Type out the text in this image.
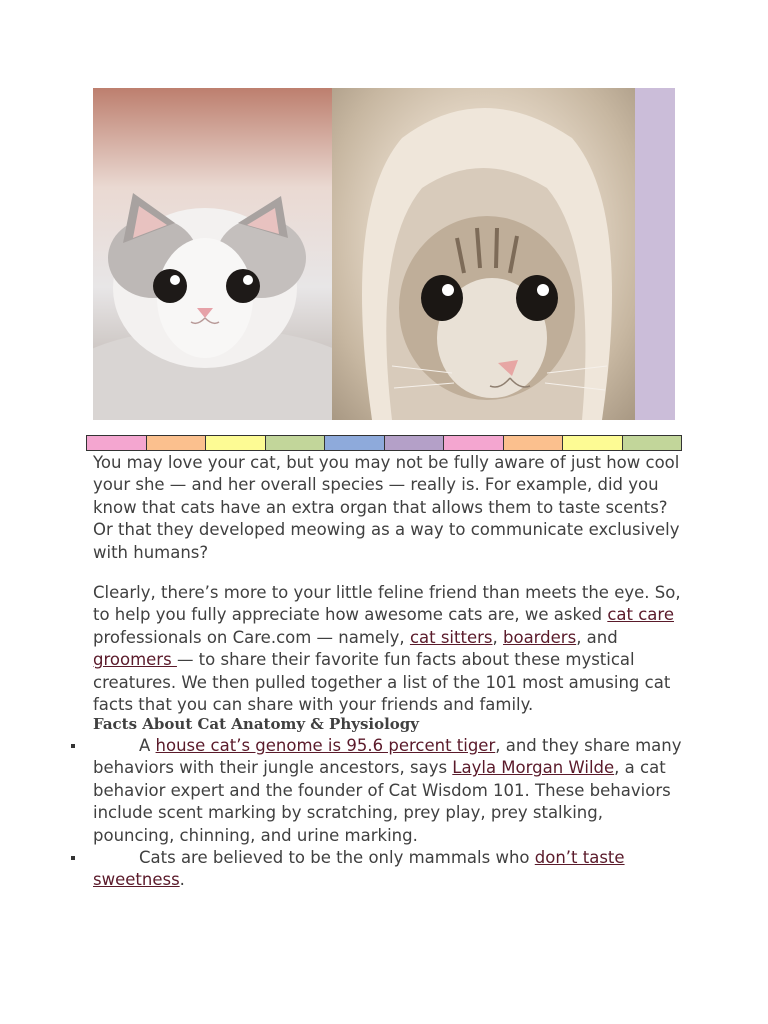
You may love your cat, but you may not be fully aware of just how cool your she — and her overall species — really is. For example, did you know that cats have an extra organ that allows them to taste scents? Or that they developed meowing as a way to communicate exclusively with humans?
Clearly, there’s more to your little feline friend than meets the eye. So, to help you fully appreciate how awesome cats are, we asked cat care professionals on Care.com — namely, cat sitters, boarders, and groomers — to share their favorite fun facts about these mystical creatures. We then pulled together a list of the 101 most amusing cat facts that you can share with your friends and family.
Facts About Cat Anatomy & Physiology
A house cat’s genome is 95.6 percent tiger, and they share many behaviors with their jungle ancestors, says Layla Morgan Wilde, a cat behavior expert and the founder of Cat Wisdom 101. These behaviors include scent marking by scratching, prey play, prey stalking, pouncing, chinning, and urine marking.
Cats are believed to be the only mammals who don’t taste sweetness.
